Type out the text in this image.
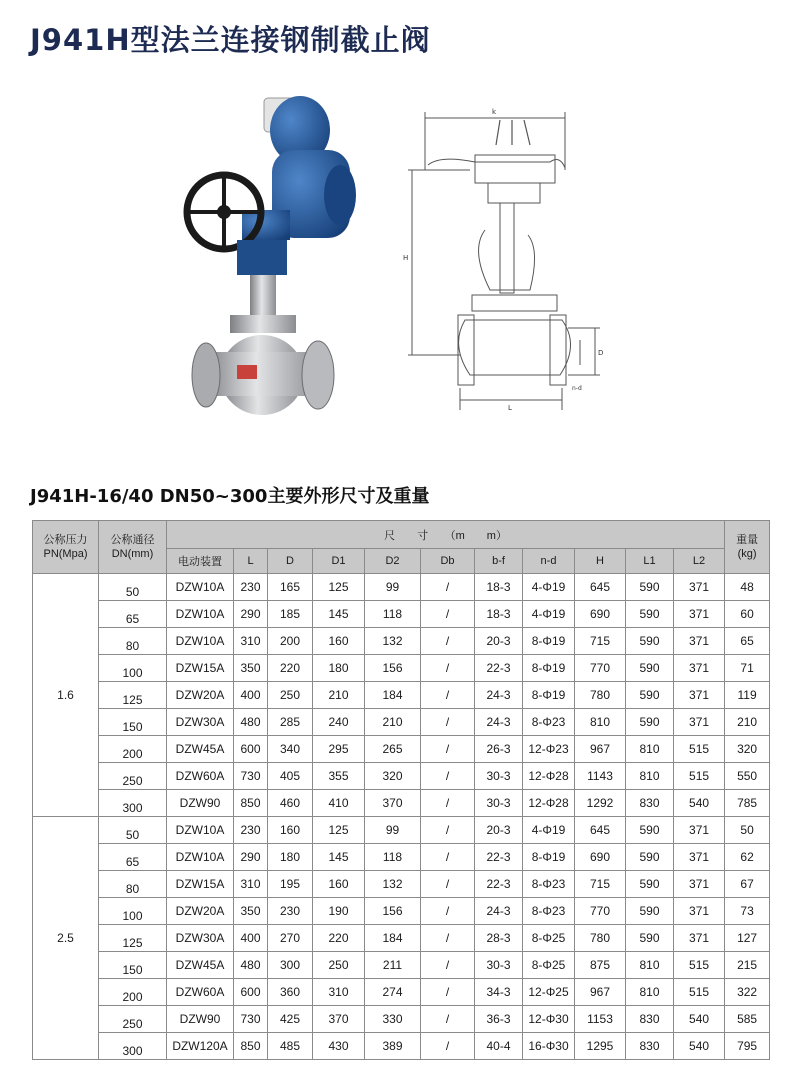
J941H型法兰连接钢制截止阀
k
H
L
D
n-d
J941H-16/40 DN50~300主要外形尺寸及重量
公称压力
PN(Mpa)	公称通径
DN(mm)	尺　　寸　　（m　　m）											重量
(kg)
		电动装置	L	D	D1	D2	Db	b-f	n-d	H	L1	L2	
1.6	50	DZW10A	230	165	125	99	/	18-3	4-Φ19	645	590	371	48
	65	DZW10A	290	185	145	118	/	18-3	4-Φ19	690	590	371	60
	80	DZW10A	310	200	160	132	/	20-3	8-Φ19	715	590	371	65
	100	DZW15A	350	220	180	156	/	22-3	8-Φ19	770	590	371	71
	125	DZW20A	400	250	210	184	/	24-3	8-Φ19	780	590	371	119
	150	DZW30A	480	285	240	210	/	24-3	8-Φ23	810	590	371	210
	200	DZW45A	600	340	295	265	/	26-3	12-Φ23	967	810	515	320
	250	DZW60A	730	405	355	320	/	30-3	12-Φ28	1143	810	515	550
	300	DZW90	850	460	410	370	/	30-3	12-Φ28	1292	830	540	785
2.5	50	DZW10A	230	160	125	99	/	20-3	4-Φ19	645	590	371	50
	65	DZW10A	290	180	145	118	/	22-3	8-Φ19	690	590	371	62
	80	DZW15A	310	195	160	132	/	22-3	8-Φ23	715	590	371	67
	100	DZW20A	350	230	190	156	/	24-3	8-Φ23	770	590	371	73
	125	DZW30A	400	270	220	184	/	28-3	8-Φ25	780	590	371	127
	150	DZW45A	480	300	250	211	/	30-3	8-Φ25	875	810	515	215
	200	DZW60A	600	360	310	274	/	34-3	12-Φ25	967	810	515	322
	250	DZW90	730	425	370	330	/	36-3	12-Φ30	1153	830	540	585
	300	DZW120A	850	485	430	389	/	40-4	16-Φ30	1295	830	540	795
